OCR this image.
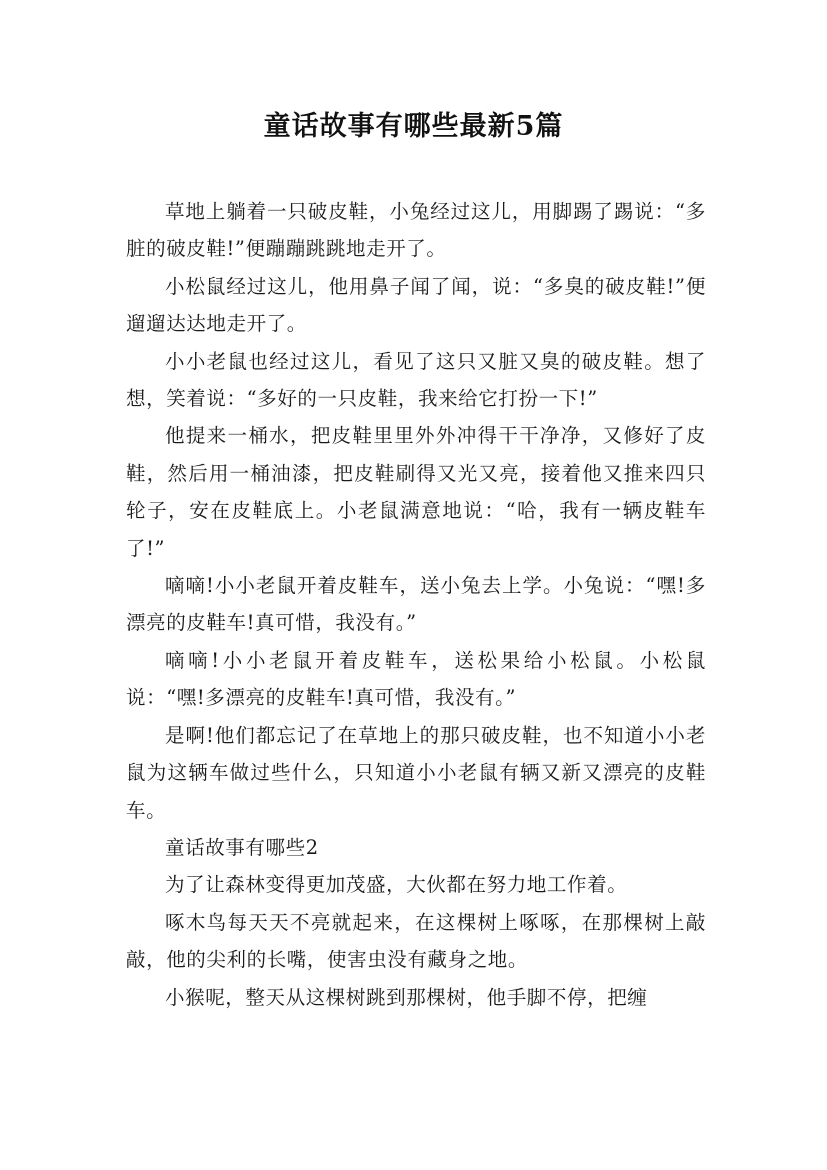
童话故事有哪些最新5篇

草地上躺着一只破皮鞋，小兔经过这儿，用脚踢了踢说：“多脏的破皮鞋!”便蹦蹦跳跳地走开了。

小松鼠经过这儿，他用鼻子闻了闻，说：“多臭的破皮鞋!”便遛遛达达地走开了。

小小老鼠也经过这儿，看见了这只又脏又臭的破皮鞋。想了想，笑着说：“多好的一只皮鞋，我来给它打扮一下!”

他提来一桶水，把皮鞋里里外外冲得干干净净，又修好了皮鞋，然后用一桶油漆，把皮鞋刷得又光又亮，接着他又推来四只轮子，安在皮鞋底上。小老鼠满意地说：“哈，我有一辆皮鞋车了!”

嘀嘀!小小老鼠开着皮鞋车，送小兔去上学。小兔说：“嘿!多漂亮的皮鞋车!真可惜，我没有。”

嘀嘀!小小老鼠开着皮鞋车，送松果给小松鼠。小松鼠说：“嘿!多漂亮的皮鞋车!真可惜，我没有。”

是啊!他们都忘记了在草地上的那只破皮鞋，也不知道小小老鼠为这辆车做过些什么，只知道小小老鼠有辆又新又漂亮的皮鞋车。

童话故事有哪些2

为了让森林变得更加茂盛，大伙都在努力地工作着。

啄木鸟每天天不亮就起来，在这棵树上啄啄，在那棵树上敲敲，他的尖利的长嘴，使害虫没有藏身之地。

小猴呢，整天从这棵树跳到那棵树，他手脚不停，把缠
